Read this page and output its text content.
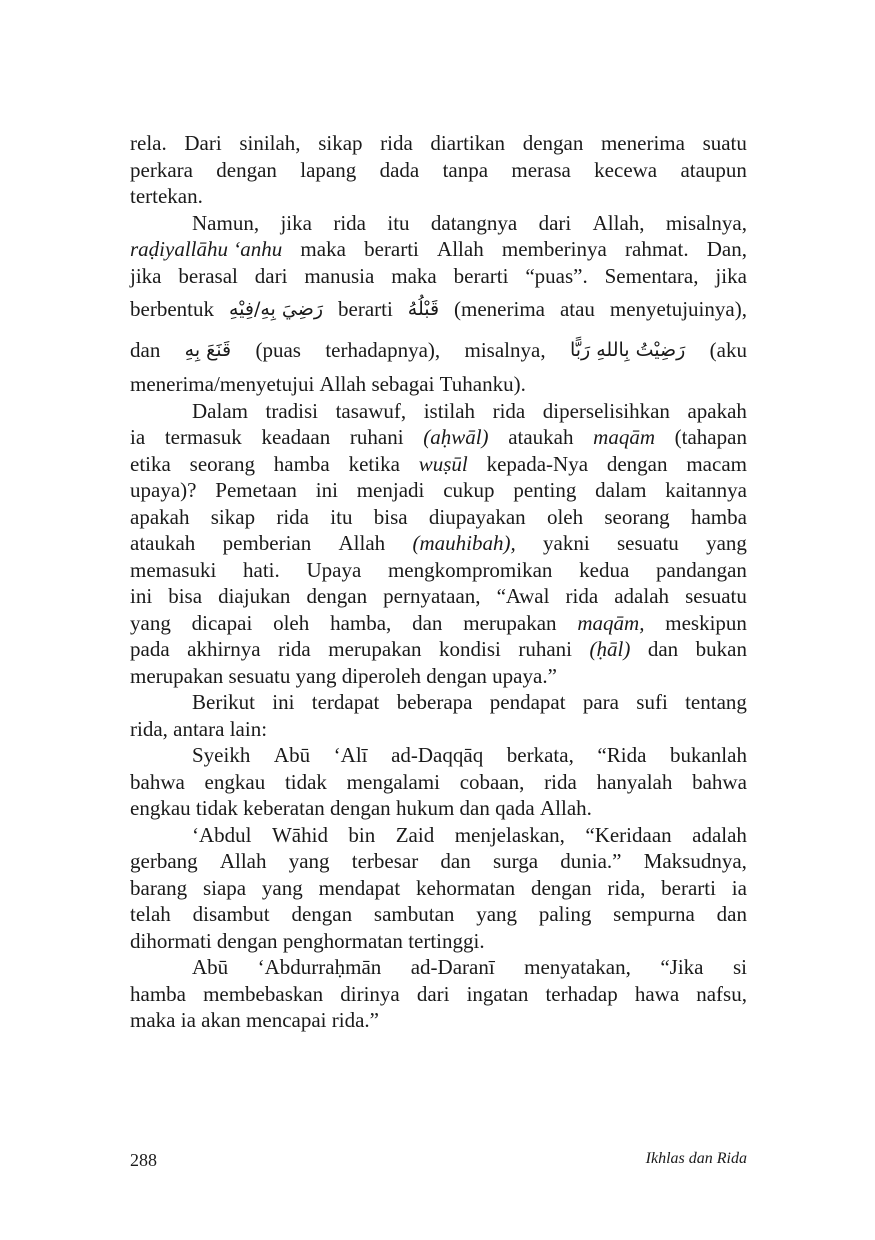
rela. Dari sinilah, sikap rida diartikan dengan menerima suatu
perkara dengan lapang dada tanpa merasa kecewa ataupun
tertekan.
Namun, jika rida itu datangnya dari Allah, misalnya,
raḍiyallāhu ‘anhu maka berarti Allah memberinya rahmat. Dan,
jika berasal dari manusia maka berarti “puas”. Sementara, jika
berbentuk رَضِيَ بِهِ/فِيْهِ berarti قَبْلُهُ (menerima atau menyetujuinya),
dan قَنَعَ بِهِ (puas terhadapnya), misalnya, رَضِيْتُ بِاللهِ رَبًّا (aku
menerima/menyetujui Allah sebagai Tuhanku).
Dalam tradisi tasawuf, istilah rida diperselisihkan apakah
ia termasuk keadaan ruhani (aḥwāl) ataukah maqām (tahapan
etika seorang hamba ketika wuṣūl kepada-Nya dengan macam
upaya)? Pemetaan ini menjadi cukup penting dalam kaitannya
apakah sikap rida itu bisa diupayakan oleh seorang hamba
ataukah pemberian Allah (mauhibah), yakni sesuatu yang
memasuki hati. Upaya mengkompromikan kedua pandangan
ini bisa diajukan dengan pernyataan, “Awal rida adalah sesuatu
yang dicapai oleh hamba, dan merupakan maqām, meskipun
pada akhirnya rida merupakan kondisi ruhani (ḥāl) dan bukan
merupakan sesuatu yang diperoleh dengan upaya.”
Berikut ini terdapat beberapa pendapat para sufi tentang
rida, antara lain:
Syeikh Abū ‘Alī ad-Daqqāq berkata, “Rida bukanlah
bahwa engkau tidak mengalami cobaan, rida hanyalah bahwa
engkau tidak keberatan dengan hukum dan qada Allah.
‘Abdul Wāhid bin Zaid menjelaskan, “Keridaan adalah
gerbang Allah yang terbesar dan surga dunia.” Maksudnya,
barang siapa yang mendapat kehormatan dengan rida, berarti ia
telah disambut dengan sambutan yang paling sempurna dan
dihormati dengan penghormatan tertinggi.
Abū ‘Abdurraḥmān ad-Daranī menyatakan, “Jika si
hamba membebaskan dirinya dari ingatan terhadap hawa nafsu,
maka ia akan mencapai rida.”
288	Ikhlas dan Rida
